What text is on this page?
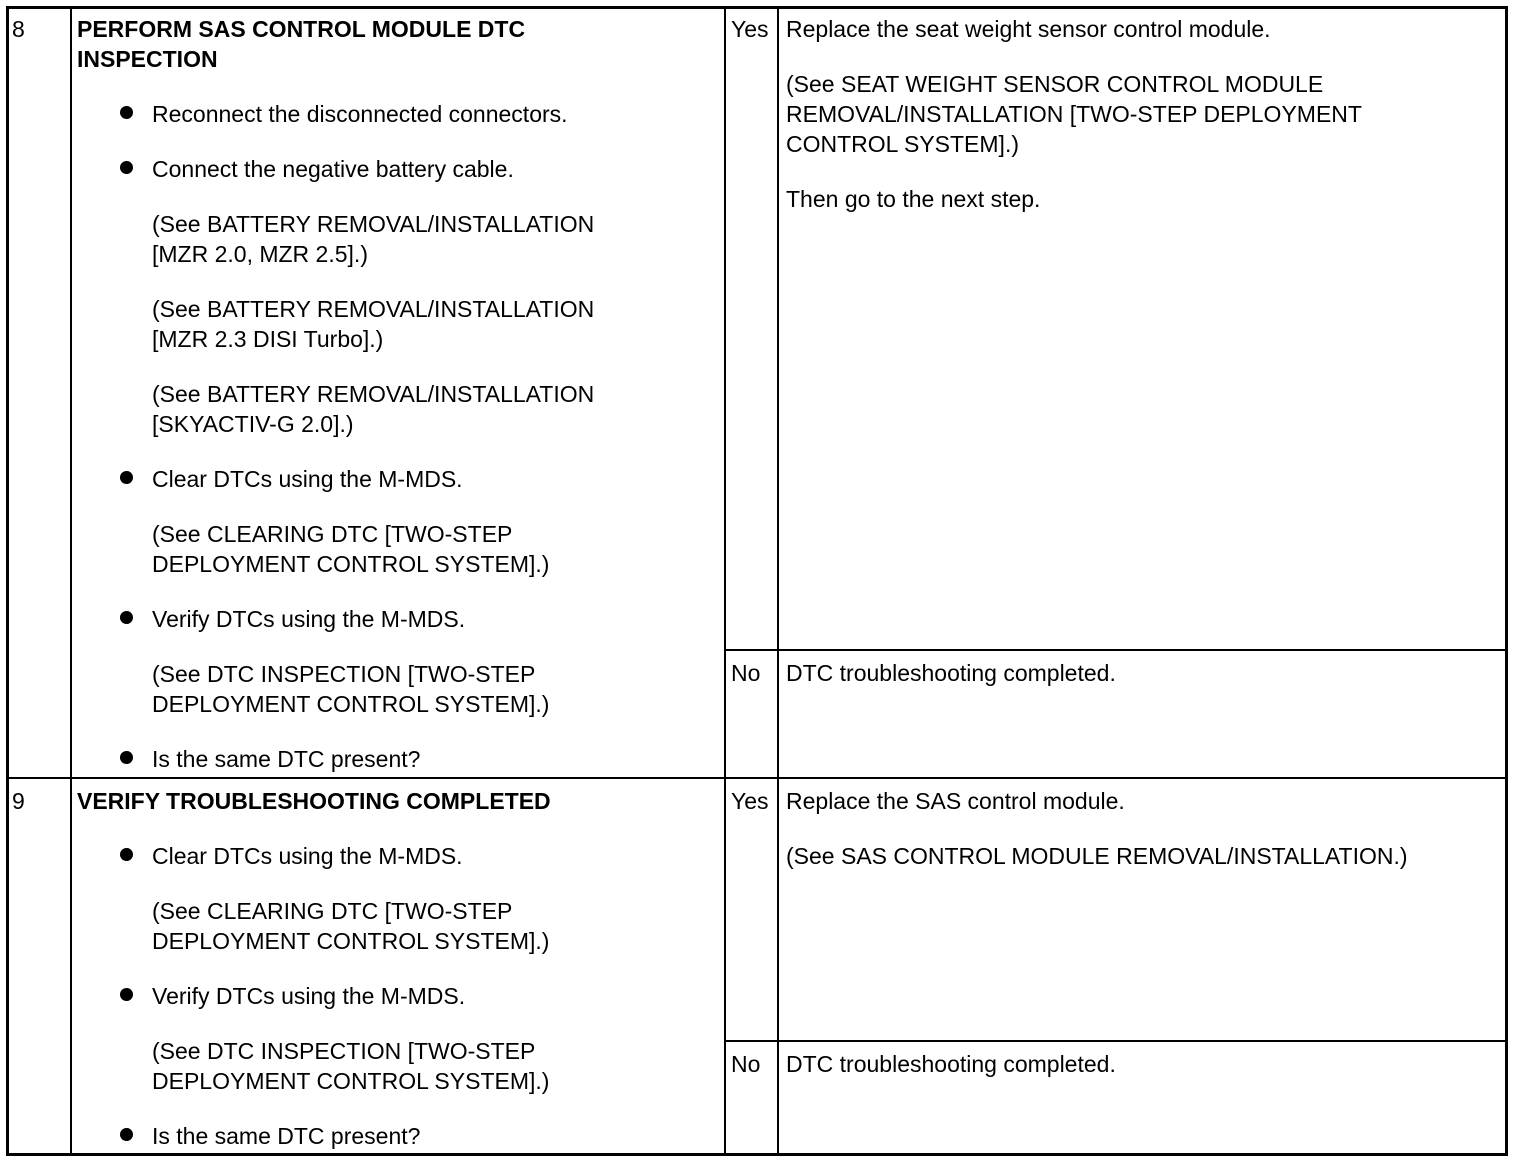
8 PERFORM SAS CONTROL MODULE DTC
INSPECTION
Reconnect the disconnected connectors.
Connect the negative battery cable.
(See BATTERY REMOVAL/INSTALLATION
[MZR 2.0, MZR 2.5].)
(See BATTERY REMOVAL/INSTALLATION
[MZR 2.3 DISI Turbo].)
(See BATTERY REMOVAL/INSTALLATION
[SKYACTIV-G 2.0].)
Clear DTCs using the M-MDS.
(See CLEARING DTC [TWO-STEP
DEPLOYMENT CONTROL SYSTEM].)
Verify DTCs using the M-MDS.
(See DTC INSPECTION [TWO-STEP
DEPLOYMENT CONTROL SYSTEM].)
Is the same DTC present?
Yes Replace the seat weight sensor control module.
(See SEAT WEIGHT SENSOR CONTROL MODULE
REMOVAL/INSTALLATION [TWO-STEP DEPLOYMENT
CONTROL SYSTEM].)
Then go to the next step.
No DTC troubleshooting completed.
9 VERIFY TROUBLESHOOTING COMPLETED
Clear DTCs using the M-MDS.
(See CLEARING DTC [TWO-STEP
DEPLOYMENT CONTROL SYSTEM].)
Verify DTCs using the M-MDS.
(See DTC INSPECTION [TWO-STEP
DEPLOYMENT CONTROL SYSTEM].)
Is the same DTC present?
Yes Replace the SAS control module.
(See SAS CONTROL MODULE REMOVAL/INSTALLATION.)
No DTC troubleshooting completed.
